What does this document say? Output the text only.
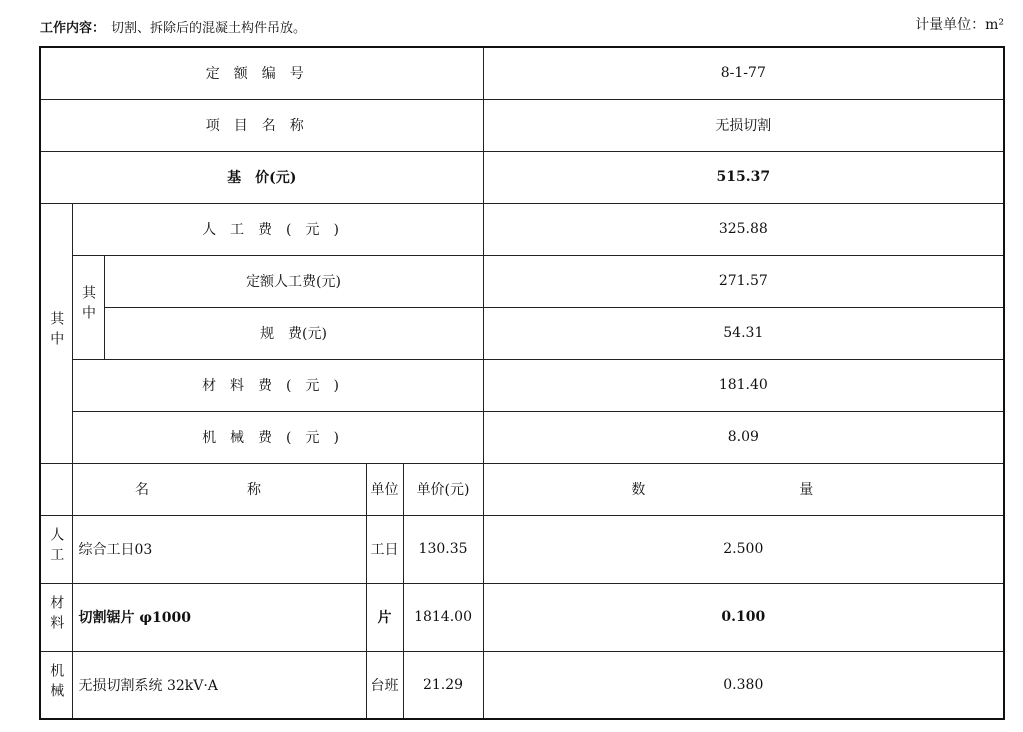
工作内容： 切割、拆除后的混凝土构件吊放。	计量单位：m²
定额编号					8-1-77
项目名称					无损切割
基　价(元)					515.37
其中	人工费(元)				325.88
	其中	定额人工费(元)			271.57
		规　费(元)			54.31
	材料费(元)				181.40
	机械费(元)				8.09
	名　称		单位	单价(元)	数　　量
人工	综合工日03		工日	130.35	2.500
材料	切割锯片 φ1000		片	1814.00	0.100
机械	无损切割系统 32kV·A		台班	21.29	0.380
